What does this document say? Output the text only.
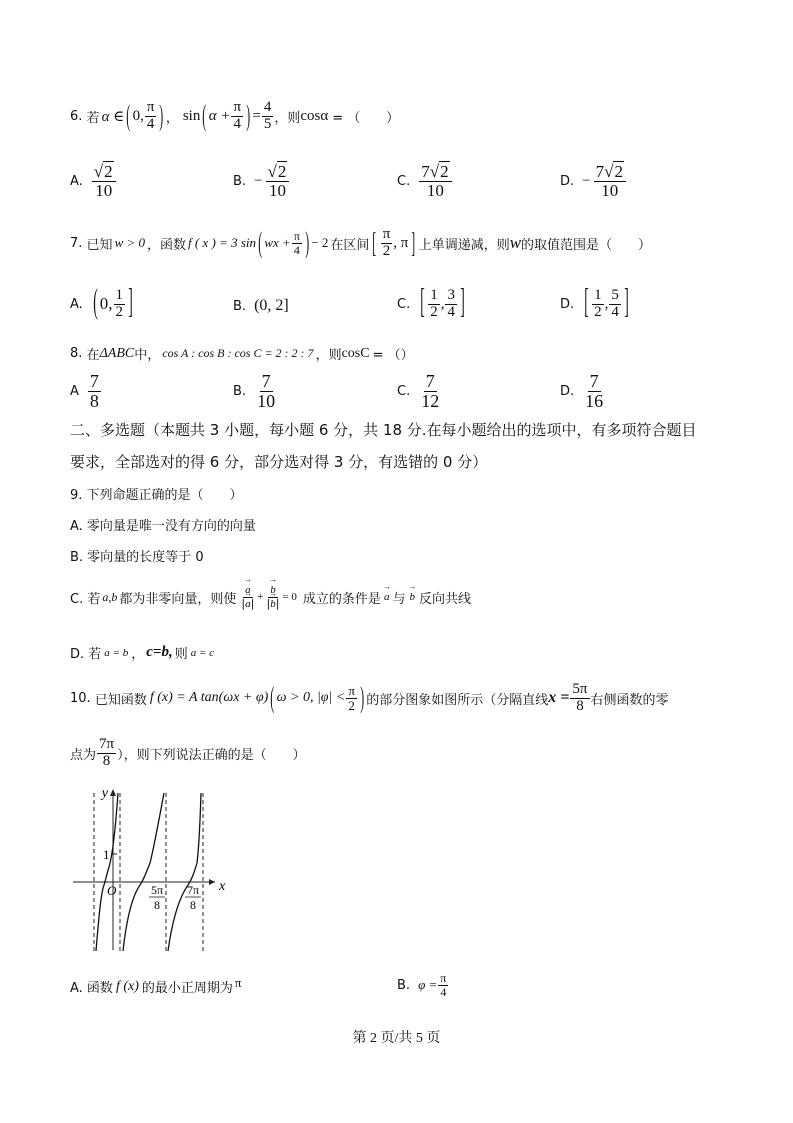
6.
若 α ∈ ( 0, $\frac{\pi}{4}$ ) ， sin ( $\alpha + \frac{\pi}{4}$ ) = $\frac{4}{5}$ ，则 cosα = （　　）
A. $\frac{√2}{10}$	B. − $\frac{√2}{10}$	C. $\frac{7√2}{10}$	D. − $\frac{7√2}{10}$
7.
已知 w > 0 ，函数 f ( x ) = 3 sin ( wx + $\frac{\pi}{4}$ ) − 2 在区间 [ $\frac{\pi}{2}$ , π ] 上单调递减，则 w 的取值范围是（　　）
A. ( 0, $\frac{1}{2}$ ]	B. (0, 2]	C. [ $\frac{1}{2}$ , $\frac{3}{4}$ ]	D. [ $\frac{1}{2}$ , $\frac{5}{4}$ ]
8.
在 ΔABC 中， cos A : cos B : cos C = 2 : 2 : 7 ，则 cosC = （）
A $\frac{7}{8}$	B. $\frac{7}{10}$	C. $\frac{7}{12}$	D. $\frac{7}{16}$
二、多选题（本题共 3 小题，每小题 6 分，共 18 分.在每小题给出的选项中，有多项符合题目
要求，全部选对的得 6 分，部分选对得 3 分，有选错的 0 分）
9. 下列命题正确的是（　　）
A. 零向量是唯一没有方向的向量
B. 零向量的长度等于 0
C. 若 a,b 都为非零向量，则使 → $\frac{a}{|\to a|}$ + → $\frac{b}{|\to b|} = 0$ 成立的条件是 → a 与 → b 反向共线
D. 若 a = b ， c=b, 则 a = c
10.
已知函数 f (x) = A tan(ωx + φ) ( ω > 0, $|\varphi| < \frac{\pi}{2}$ ) 的部分图象如图所示（分隔直线 $x = \frac{5\pi}{8}$ 右侧函数的零
点为 $\frac{7\pi}{8}$ ），则下列说法正确的是（　　）
y
x
O
1
5π
8
7π
8
A. 函数 f (x) 的最小正周期为 π	B. $\varphi = \frac{\pi}{4}$
第 2 页/共 5 页
